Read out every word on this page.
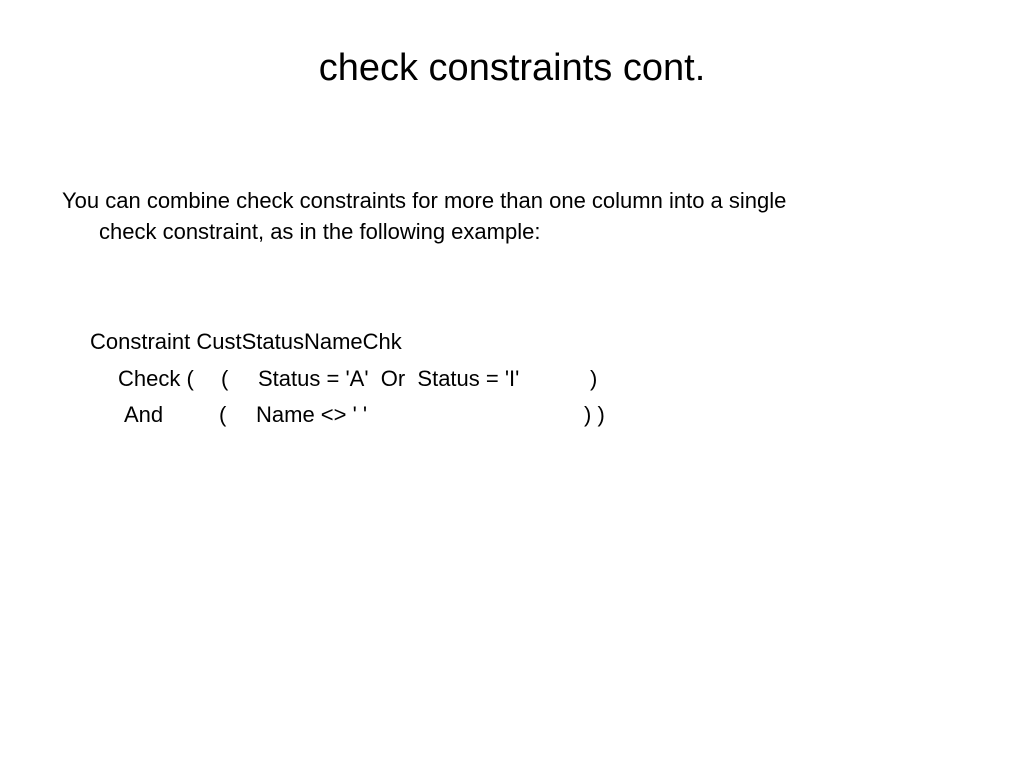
check constraints cont.

You can combine check constraints for more than one column into a single
check constraint, as in the following example:

Constraint CustStatusNameChk

Check (

(

Status = 'A'  Or  Status = 'I'

	)

And

	(

Name <> ' '

	) )
